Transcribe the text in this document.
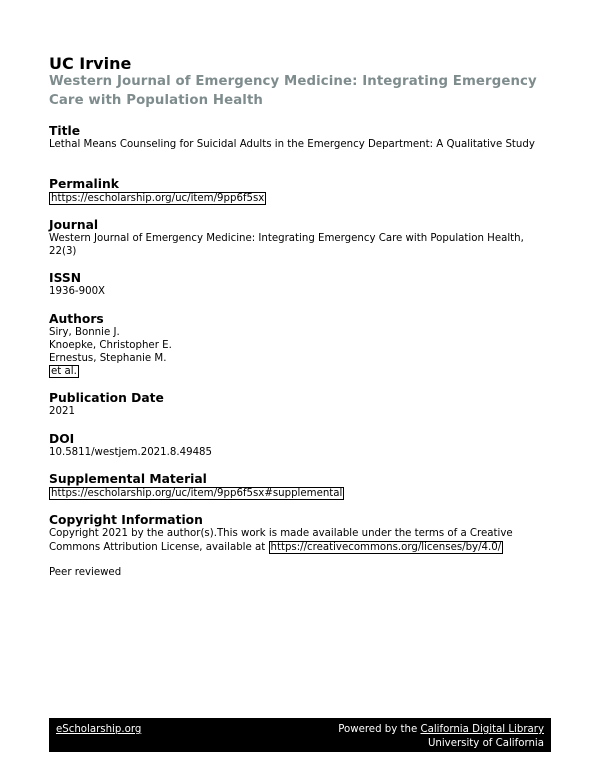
UC Irvine
Western Journal of Emergency Medicine: Integrating Emergency Care with Population Health
Title
Lethal Means Counseling for Suicidal Adults in the Emergency Department: A Qualitative Study
Permalink
https://escholarship.org/uc/item/9pp6f5sx
Journal
Western Journal of Emergency Medicine: Integrating Emergency Care with Population Health, 22(3)
ISSN
1936-900X
Authors
Siry, Bonnie J.
Knoepke, Christopher E.
Ernestus, Stephanie M.
et al.
Publication Date
2021
DOI
10.5811/westjem.2021.8.49485
Supplemental Material
https://escholarship.org/uc/item/9pp6f5sx#supplemental
Copyright Information
Copyright 2021 by the author(s).This work is made available under the terms of a Creative
Commons Attribution License, available at https://creativecommons.org/licenses/by/4.0/
Peer reviewed
eScholarship.org	Powered by the California Digital Library
University of California
